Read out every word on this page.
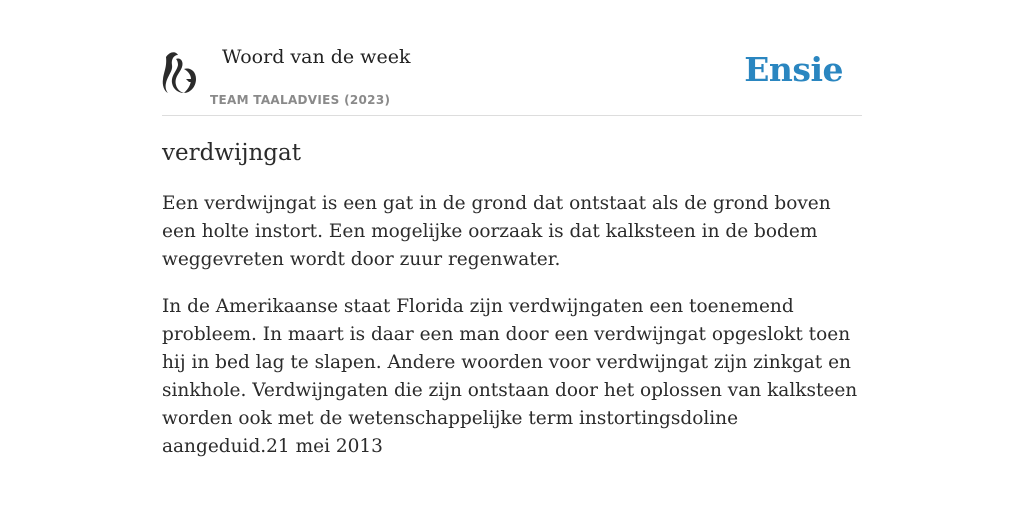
Woord van de week
TEAM TAALADVIES (2023)
Ensie
verdwijngat

Een verdwijngat is een gat in de grond dat ontstaat als de grond boven een holte instort. Een mogelijke oorzaak is dat kalksteen in de bodem weggevreten wordt door zuur regenwater.

In de Amerikaanse staat Florida zijn verdwijngaten een toenemend probleem. In maart is daar een man door een verdwijngat opgeslokt toen hij in bed lag te slapen. Andere woorden voor verdwijngat zijn zinkgat en sinkhole. Verdwijngaten die zijn ontstaan door het oplossen van kalksteen worden ook met de wetenschappelijke term instortingsdoline aangeduid.21 mei 2013
